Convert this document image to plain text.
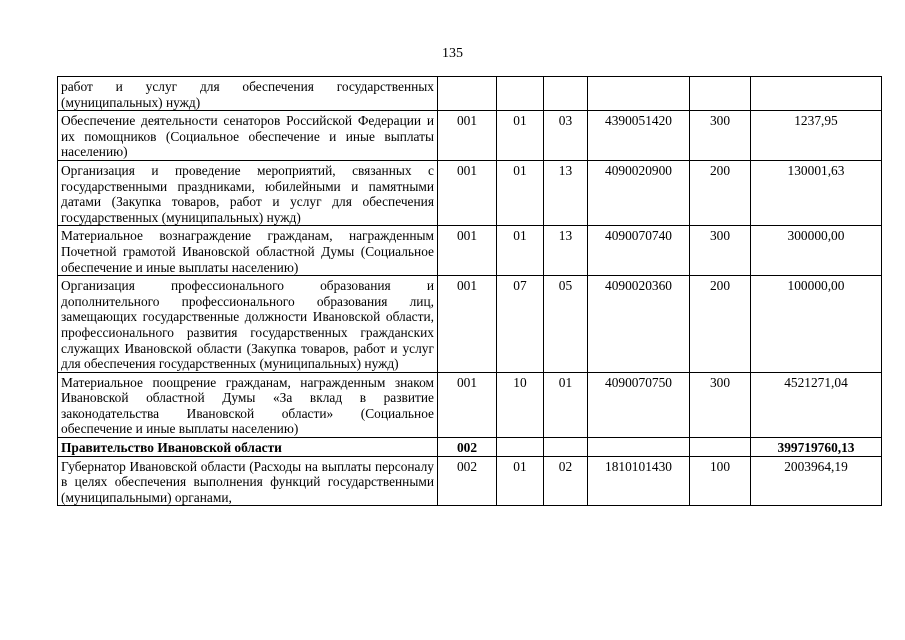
135
работ и услуг для обеспечения государственных (муниципальных) нужд)						
Обеспечение деятельности сенаторов Российской Федерации и их помощников (Социальное обеспечение и иные выплаты населению)	001	01	03	4390051420	300	1237,95
Организация и проведение мероприятий, связанных с государственными праздниками, юбилейными и памятными датами (Закупка товаров, работ и услуг для обеспечения государственных (муниципальных) нужд)	001	01	13	4090020900	200	130001,63
Материальное вознаграждение гражданам, награжденным Почетной грамотой Ивановской областной Думы (Социальное обеспечение и иные выплаты населению)	001	01	13	4090070740	300	300000,00
Организация профессионального образования и дополнительного профессионального образования лиц, замещающих государственные должности Ивановской области, профессионального развития государственных гражданских служащих Ивановской области (Закупка товаров, работ и услуг для обеспечения государственных (муниципальных) нужд)	001	07	05	4090020360	200	100000,00
Материальное поощрение гражданам, награжденным знаком Ивановской областной Думы «За вклад в развитие законодательства Ивановской области» (Социальное обеспечение и иные выплаты населению)	001	10	01	4090070750	300	4521271,04
Правительство Ивановской области	002					399719760,13
Губернатор Ивановской области (Расходы на выплаты персоналу в целях обеспечения выполнения функций государственными (муниципальными) органами,	002	01	02	1810101430	100	2003964,19
